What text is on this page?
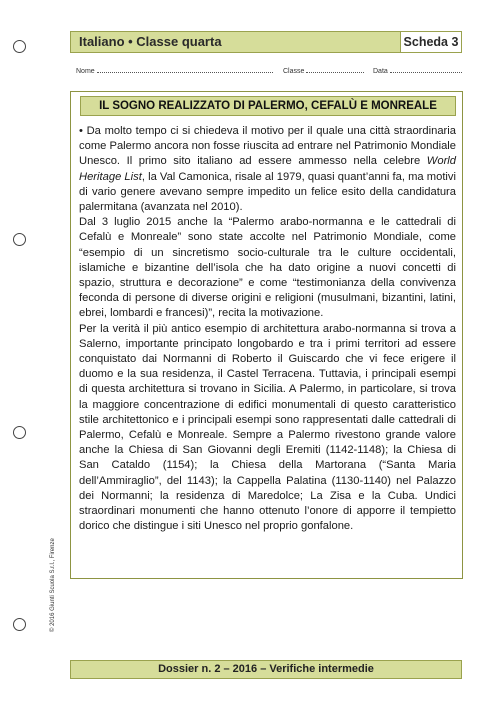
Italiano • Classe quarta	Scheda 3
Nome	Classe	Data
IL SOGNO REALIZZATO DI PALERMO, CEFALÙ E MONREALE

• Da molto tempo ci si chiedeva il motivo per il quale una città straordinaria come Palermo ancora non fosse riuscita ad entrare nel Patrimonio Mondiale Unesco. Il primo sito italiano ad essere ammesso nella celebre World Heritage List, la Val Camonica, risale al 1979, quasi quant’anni fa, ma motivi di vario genere avevano sempre impedito un felice esito della candidatura palermitana (avanzata nel 2010).

Dal 3 luglio 2015 anche la “Palermo arabo-normanna e le cattedrali di Cefalù e Monreale” sono state accolte nel Patrimonio Mondiale, come “esempio di un sincretismo socio-culturale tra le culture occidentali, islamiche e bizantine dell’isola che ha dato origine a nuovi concetti di spazio, struttura e decorazione” e come “testimonianza della convivenza feconda di persone di diverse origini e religioni (musulmani, bizantini, latini, ebrei, lombardi e francesi)”, recita la motivazione.

Per la verità il più antico esempio di architettura arabo-normanna si trova a Salerno, importante principato longobardo e tra i primi territori ad essere conquistato dai Normanni di Roberto il Guiscardo che vi fece erigere il duomo e la sua residenza, il Castel Terracena. Tuttavia, i principali esempi di questa architettura si trovano in Sicilia. A Palermo, in particolare, si trova la maggiore concentrazione di edifici monumentali di questo caratteristico stile architettonico e i principali esempi sono rappresentati dalle cattedrali di Palermo, Cefalù e Monreale. Sempre a Palermo rivestono grande valore anche la Chiesa di San Giovanni degli Eremiti (1142-1148); la Chiesa di San Cataldo (1154); la Chiesa della Martorana (“Santa Maria dell’Ammiraglio”, del 1143); la Cappella Palatina (1130-1140) nel Palazzo dei Normanni; la residenza di Maredolce; La Zisa e la Cuba. Undici straordinari monumenti che hanno ottenuto l’onore di apporre il tempietto dorico che distingue i siti Unesco nel proprio gonfalone.

© 2016 Giunti Scuola S.r.l., Firenze
Dossier n. 2 – 2016 – Verifiche intermedie
